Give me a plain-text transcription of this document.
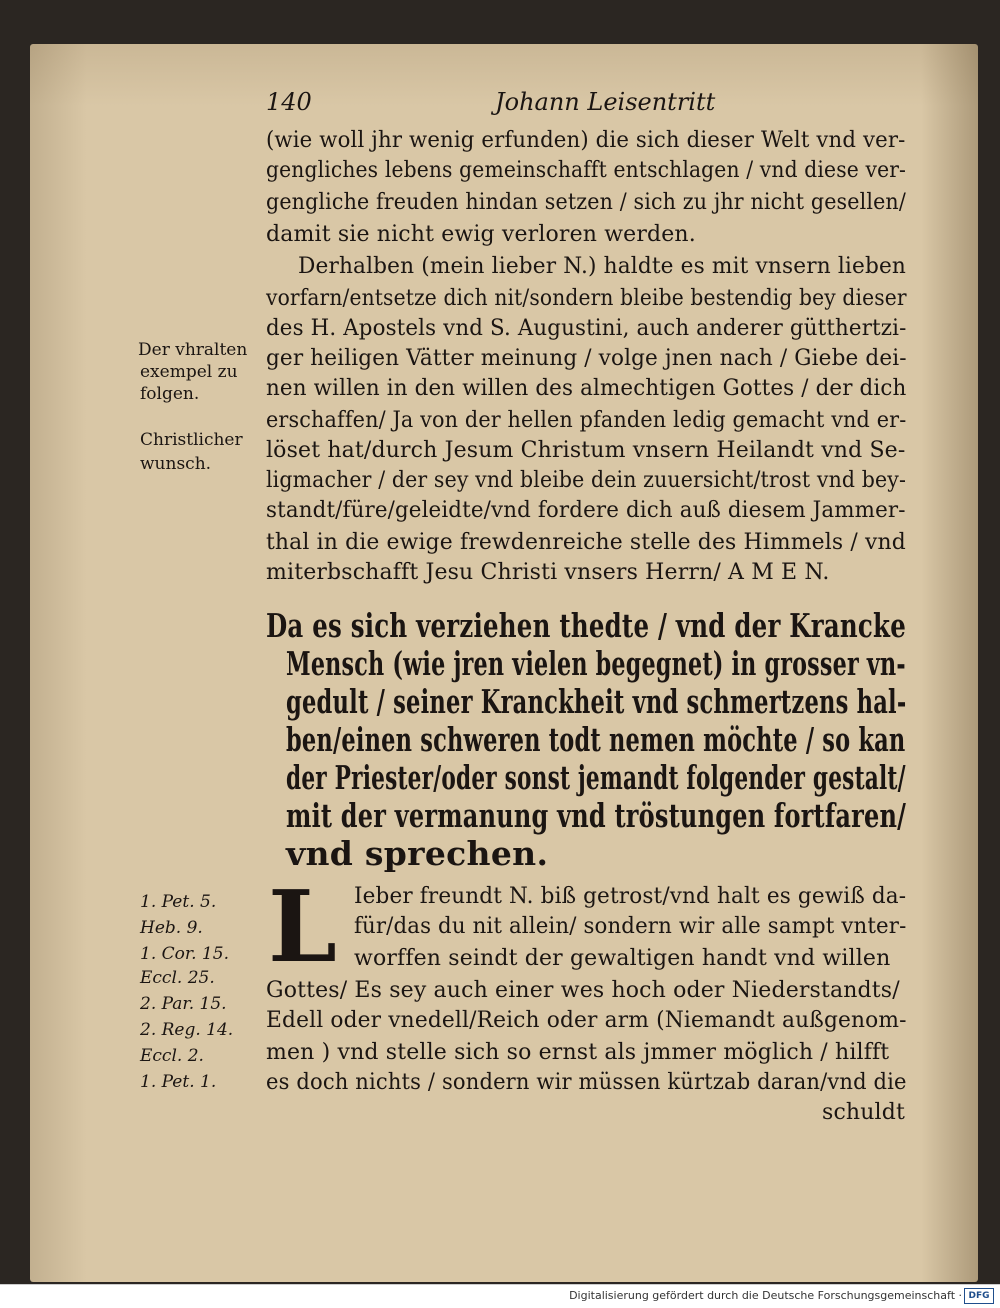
140	Johann Leisentritt
(wie woll jhr wenig erfunden) die sich dieser Welt vnd ver-
gengliches lebens gemeinschafft entschlagen / vnd diese ver-
gengliche freuden hindan setzen / sich zu jhr nicht gesellen/
damit sie nicht ewig verloren werden.
Derhalben (mein lieber N.) haldte es mit vnsern lieben
vorfarn/entsetze dich nit/sondern bleibe bestendig bey dieser
des H. Apostels vnd S. Augustini, auch anderer gütthertzi-
ger heiligen Vätter meinung / volge jnen nach / Giebe dei-
nen willen in den willen des almechtigen Gottes / der dich
erschaffen/ Ja von der hellen pfanden ledig gemacht vnd er-
löset hat/durch Jesum Christum vnsern Heilandt vnd Se-
ligmacher / der sey vnd bleibe dein zuuersicht/trost vnd bey-
standt/füre/geleidte/vnd fordere dich auß diesem Jammer-
thal in die ewige frewdenreiche stelle des Himmels / vnd
miterbschafft Jesu Christi vnsers Herrn/ A M E N.
Da es sich verziehen thedte / vnd der Krancke
Mensch (wie jren vielen begegnet) in grosser vn-
gedult / seiner Kranckheit vnd schmertzens hal-
ben/einen schweren todt nemen möchte / so kan
der Priester/oder sonst jemandt folgender gestalt/
mit der vermanung vnd tröstungen fortfaren/
vnd sprechen.
L Ieber freundt N. biß getrost/vnd halt es gewiß da-
für/das du nit allein/ sondern wir alle sampt vnter-
worffen seindt der gewaltigen handt vnd willen
Gottes/ Es sey auch einer wes hoch oder Niederstandts/
Edell oder vnedell/Reich oder arm (Niemandt außgenom-
men ) vnd stelle sich so ernst als jmmer möglich / hilfft
es doch nichts / sondern wir müssen kürtzab daran/vnd die
schuldt
Der vhralten
exempel zu
folgen.
Christlicher
wunsch.
1. Pet. 5.
Heb. 9.
1. Cor. 15.
Eccl. 25.
2. Par. 15.
2. Reg. 14.
Eccl. 2.
1. Pet. 1.
Digitalisierung gefördert durch die Deutsche Forschungsgemeinschaft · DFG
